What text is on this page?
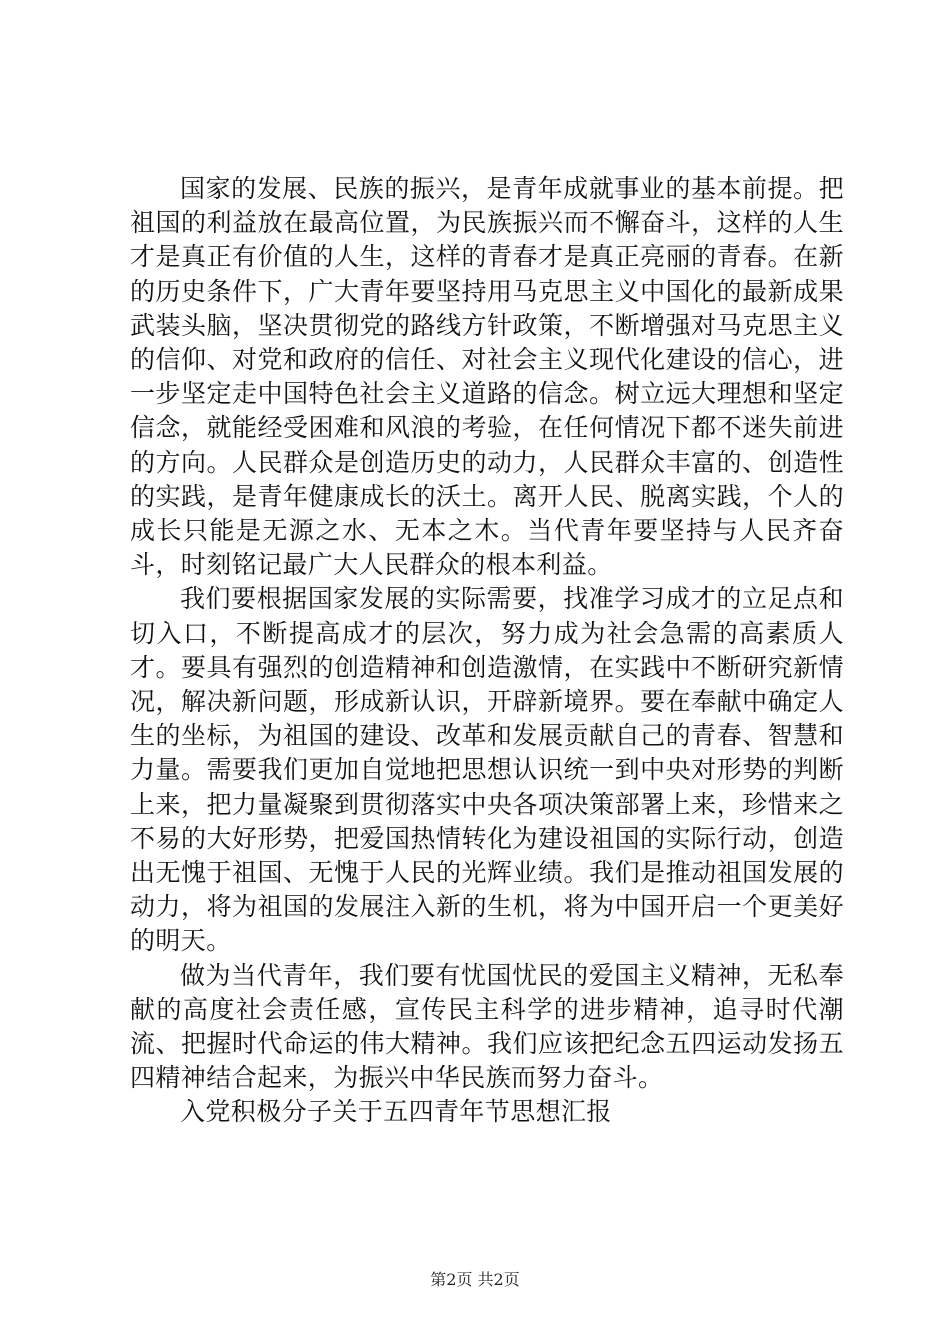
国家的发展、民族的振兴，是青年成就事业的基本前提。把祖国的利益放在最高位置，为民族振兴而不懈奋斗，这样的人生才是真正有价值的人生，这样的青春才是真正亮丽的青春。在新的历史条件下，广大青年要坚持用马克思主义中国化的最新成果武装头脑，坚决贯彻党的路线方针政策，不断增强对马克思主义的信仰、对党和政府的信任、对社会主义现代化建设的信心，进一步坚定走中国特色社会主义道路的信念。树立远大理想和坚定信念，就能经受困难和风浪的考验，在任何情况下都不迷失前进的方向。人民群众是创造历史的动力，人民群众丰富的、创造性的实践，是青年健康成长的沃土。离开人民、脱离实践，个人的成长只能是无源之水、无本之木。当代青年要坚持与人民齐奋斗，时刻铭记最广大人民群众的根本利益。

我们要根据国家发展的实际需要，找准学习成才的立足点和切入口，不断提高成才的层次，努力成为社会急需的高素质人才。要具有强烈的创造精神和创造激情，在实践中不断研究新情况，解决新问题，形成新认识，开辟新境界。要在奉献中确定人生的坐标，为祖国的建设、改革和发展贡献自己的青春、智慧和力量。需要我们更加自觉地把思想认识统一到中央对形势的判断上来，把力量凝聚到贯彻落实中央各项决策部署上来，珍惜来之不易的大好形势，把爱国热情转化为建设祖国的实际行动，创造出无愧于祖国、无愧于人民的光辉业绩。我们是推动祖国发展的动力，将为祖国的发展注入新的生机，将为中国开启一个更美好的明天。

做为当代青年，我们要有忧国忧民的爱国主义精神，无私奉献的高度社会责任感，宣传民主科学的进步精神，追寻时代潮流、把握时代命运的伟大精神。我们应该把纪念五四运动发扬五四精神结合起来，为振兴中华民族而努力奋斗。

入党积极分子关于五四青年节思想汇报

第2页 共2页
